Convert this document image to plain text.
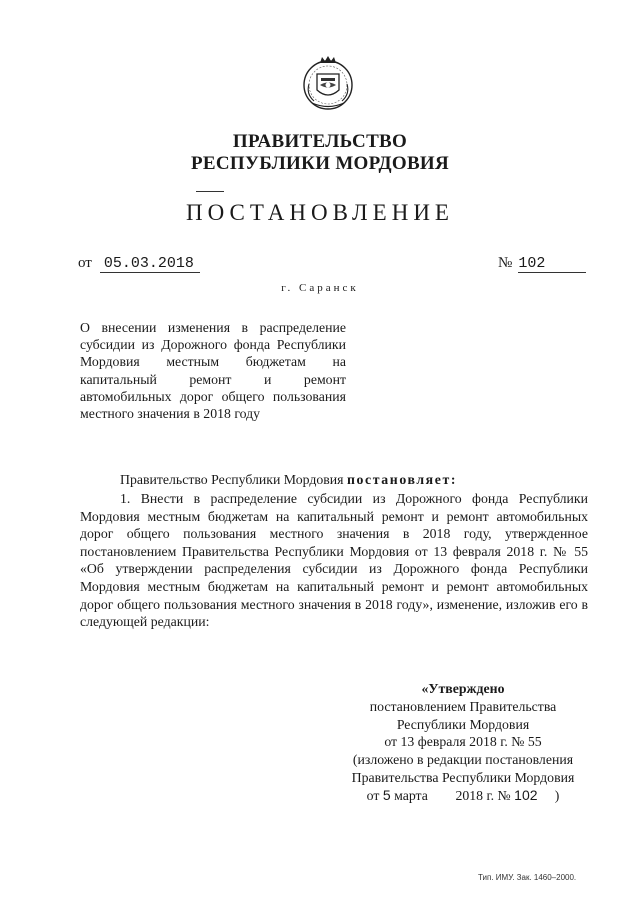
ПРАВИТЕЛЬСТВО
РЕСПУБЛИКИ МОРДОВИЯ
ПОСТАНОВЛЕНИЕ
от 05.03.2018	№ 102
г. Саранск
О внесении изменения в распределение субсидии из Дорожного фонда Республики Мордовия местным бюджетам на капитальный ремонт и ремонт автомобильных дорог общего пользования местного значения в 2018 году
Правительство Республики Мордовия постановляет:

1. Внести в распределение субсидии из Дорожного фонда Республики Мордовия местным бюджетам на капитальный ремонт и ремонт автомобильных дорог общего пользования местного значения в 2018 году, утвержденное постановлением Правительства Республики Мордовия от 13 февраля 2018 г. № 55 «Об утверждении распределения субсидии из Дорожного фонда Республики Мордовия местным бюджетам на капитальный ремонт и ремонт автомобильных дорог общего пользования местного значения в 2018 году», изменение, изложив его в следующей редакции:

«Утверждено
постановлением Правительства
Республики Мордовия
от 13 февраля 2018 г. № 55
(изложено в редакции постановления
Правительства Республики Мордовия
от 5 марта 2018 г. № 102 )
Тип. ИМУ. Зак. 1460–2000.
